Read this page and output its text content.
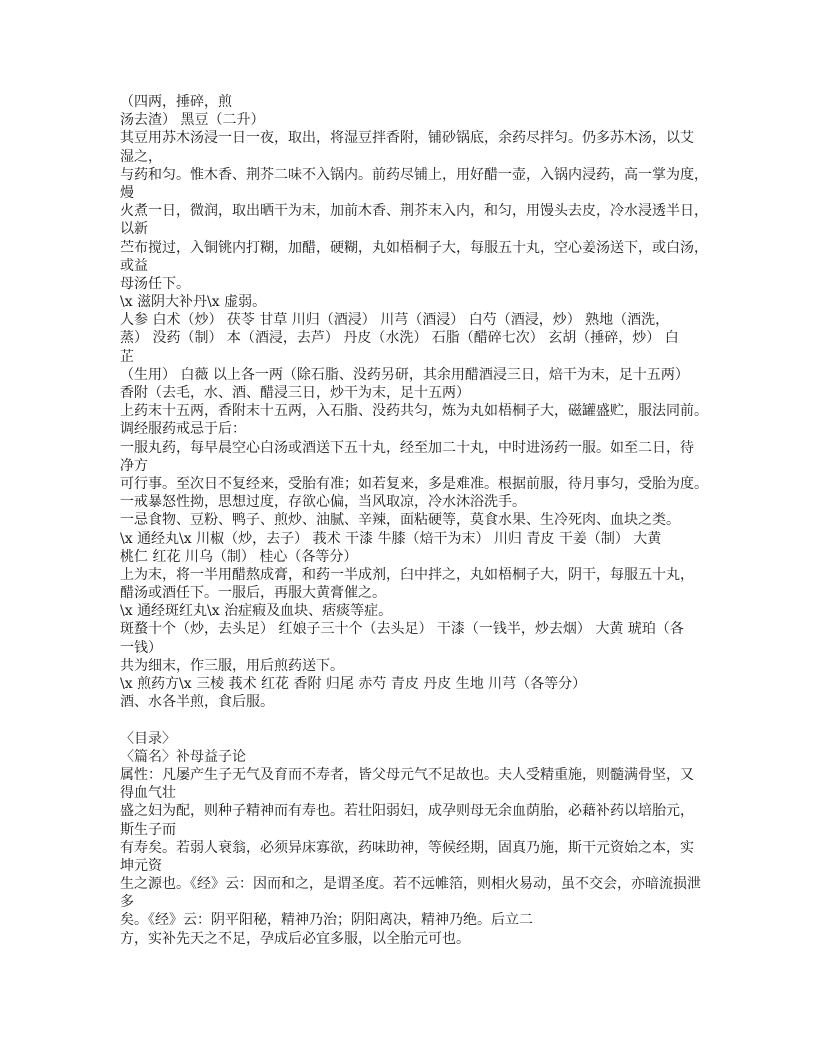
（四两，捶碎，煎
汤去渣） 黑豆（二升）
其豆用苏木汤浸一日一夜，取出，将湿豆拌香附，铺砂锅底，余药尽拌匀。仍多苏木汤，以艾
湿之，
与药和匀。惟木香、荆芥二味不入锅内。前药尽铺上，用好醋一壶，入锅内浸药，高一掌为度，
熳
火煮一日，微润，取出晒干为末，加前木香、荆芥末入内，和匀，用馒头去皮，冷水浸透半日，
以新
苎布搅过，入铜铫内打糊，加醋，硬糊，丸如梧桐子大，每服五十丸，空心姜汤送下，或白汤，
或益
母汤任下。
\x 滋阴大补丹\x 虚弱。
人参 白术（炒） 茯苓 甘草 川归（酒浸） 川芎（酒浸） 白芍（酒浸，炒） 熟地（酒洗，
蒸） 没药（制） 本（酒浸，去芦） 丹皮（水洗） 石脂（醋碎七次） 玄胡（捶碎，炒） 白
芷
（生用） 白薇 以上各一两（除石脂、没药另研，其余用醋酒浸三日，焙干为末，足十五两）
香附（去毛，水、酒、醋浸三日，炒干为末，足十五两）
上药末十五两，香附末十五两，入石脂、没药共匀，炼为丸如梧桐子大，磁罐盛贮，服法同前。
调经服药戒忌于后：
一服丸药，每早晨空心白汤或酒送下五十丸，经至加二十丸，中时进汤药一服。如至二日，待
净方
可行事。至次日不复经来，受胎有准；如若复来，多是难准。根据前服，待月事匀，受胎为度。
一戒暴怒性拗，思想过度，存欲心偏，当风取凉，冷水沐浴洗手。
一忌食物、豆粉、鸭子、煎炒、油腻、辛辣，面粘硬等，莫食水果、生冷死肉、血块之类。
\x 通经丸\x 川椒（炒，去子） 莪术 干漆 牛膝（焙干为末） 川归 青皮 干姜（制） 大黄
桃仁 红花 川乌（制） 桂心（各等分）
上为末，将一半用醋熬成膏，和药一半成剂，臼中拌之，丸如梧桐子大，阴干，每服五十丸，
醋汤或酒任下。一服后，再服大黄膏催之。
\x 通经斑红丸\x 治症瘕及血块、痞痰等症。
斑蝥十个（炒，去头足） 红娘子三十个（去头足） 干漆（一钱半，炒去烟） 大黄 琥珀（各
一钱）
共为细末，作三服，用后煎药送下。
\x 煎药方\x 三棱 莪术 红花 香附 归尾 赤芍 青皮 丹皮 生地 川芎（各等分）
酒、水各半煎，食后服。
〈目录〉
〈篇名〉补母益子论
属性：凡屡产生子无气及育而不寿者，皆父母元气不足故也。夫人受精重施，则髓满骨坚，又
得血气壮
盛之妇为配，则种子精神而有寿也。若壮阳弱妇，成孕则母无余血荫胎，必藉补药以培胎元，
斯生子而
有寿矣。若弱人衰翁，必须异床寡欲，药味助神，等候经期，固真乃施，斯干元资始之本，实
坤元资
生之源也。《经》云：因而和之，是谓圣度。若不远帷箔，则相火易动，虽不交会，亦暗流损泄
多
矣。《经》云：阴平阳秘，精神乃治；阴阳离决，精神乃绝。后立二
方，实补先天之不足，孕成后必宜多服，以全胎元可也。
